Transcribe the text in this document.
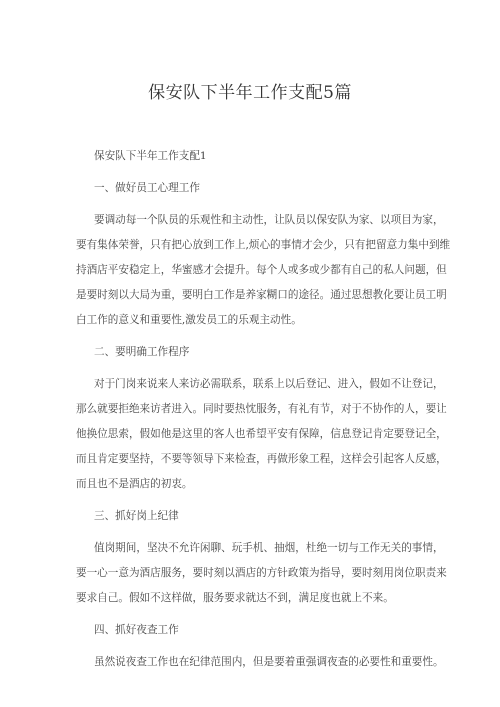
保安队下半年工作支配5篇
保安队下半年工作支配1
一、做好员工心理工作
要调动每一个队员的乐观性和主动性，让队员以保安队为家、以项目为家，
要有集体荣誉，只有把心放到工作上,烦心的事情才会少，只有把留意力集中到维
持酒店平安稳定上，华蜜感才会提升。每个人或多或少都有自己的私人问题，但
是要时刻以大局为重，要明白工作是养家糊口的途径。通过思想教化要让员工明
白工作的意义和重要性,激发员工的乐观主动性。
二、要明确工作程序
对于门岗来说来人来访必需联系，联系上以后登记、进入，假如不让登记，
那么就要拒绝来访者进入。同时要热忱服务，有礼有节，对于不协作的人，要让
他换位思索，假如他是这里的客人也希望平安有保障，信息登记肯定要登记全，
而且肯定要坚持，不要等领导下来检查，再做形象工程，这样会引起客人反感，
而且也不是酒店的初衷。
三、抓好岗上纪律
值岗期间，坚决不允许闲聊、玩手机、抽烟，杜绝一切与工作无关的事情，
要一心一意为酒店服务，要时刻以酒店的方针政策为指导，要时刻用岗位职责来
要求自己。假如不这样做，服务要求就达不到，满足度也就上不来。
四、抓好夜查工作
虽然说夜查工作也在纪律范围内，但是要着重强调夜查的必要性和重要性。
